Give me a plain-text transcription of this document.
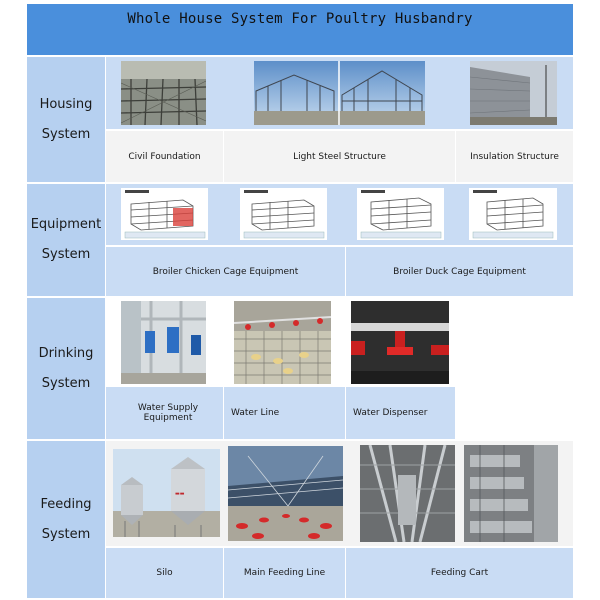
Whole House System For Poultry Husbandry
Housing
System
Civil Foundation	Light Steel Structure	Insulation Structure
Equipment
System
Broiler Chicken Cage Equipment	Broiler Duck Cage Equipment
Drinking
System
Water Supply Equipment	Water Line	Water Dispenser
Feeding
System
▬▬
Silo	Main Feeding Line	Feeding Cart
